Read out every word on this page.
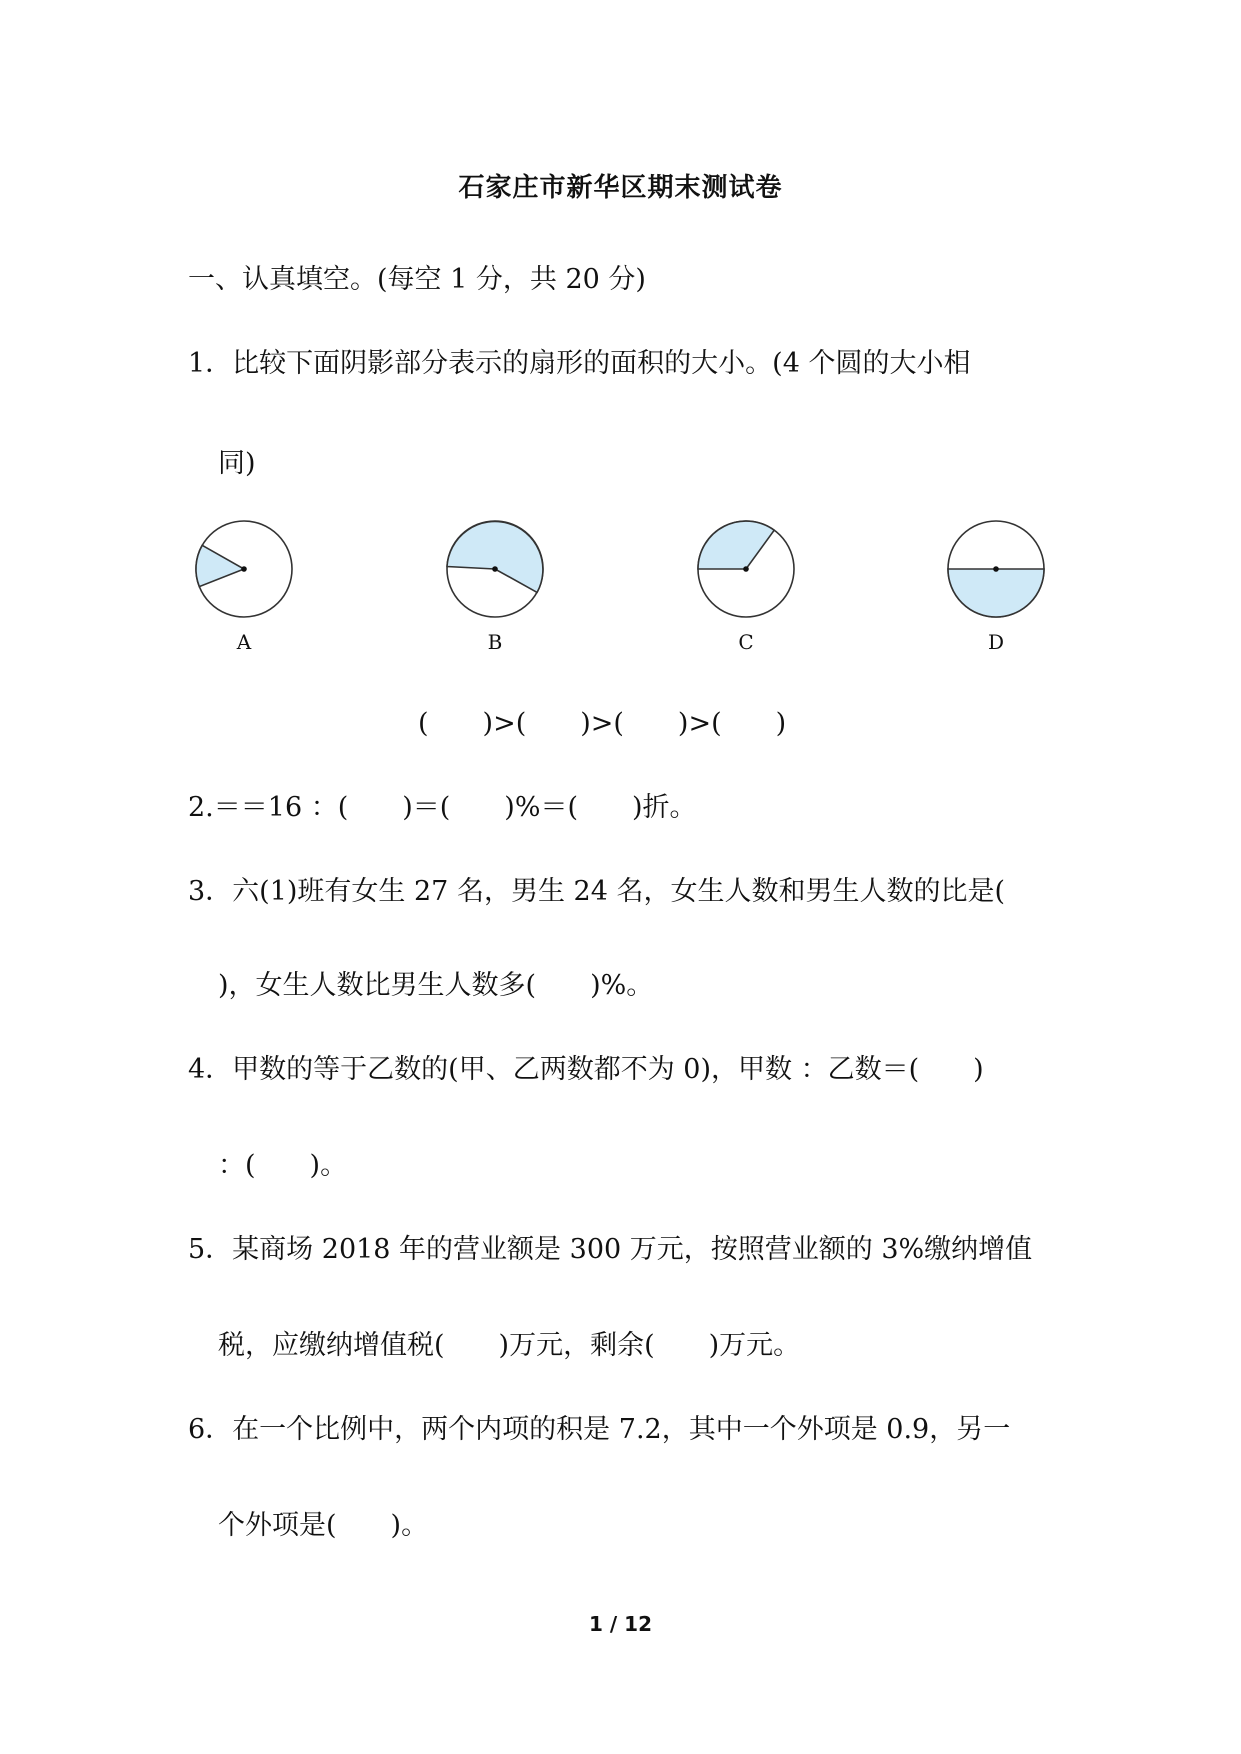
石家庄市新华区期末测试卷
一、认真填空。(每空 1 分，共 20 分)
1．比较下面阴影部分表示的扇形的面积的大小。(4 个圆的大小相
同)
A	B	C	D
(　　)>(　　)>(　　)>(　　)
2.＝＝16 ：(　　)＝(　　)%＝(　　)折。
3．六(1)班有女生 27 名，男生 24 名，女生人数和男生人数的比是(
)，女生人数比男生人数多(　　)%。
4．甲数的等于乙数的(甲、乙两数都不为 0)，甲数 ：乙数＝(　　)
：(　　)。
5．某商场 2018 年的营业额是 300 万元，按照营业额的 3%缴纳增值
税，应缴纳增值税(　　)万元，剩余(　　)万元。
6．在一个比例中，两个内项的积是 7.2，其中一个外项是 0.9，另一
个外项是(　　)。
1 / 12
